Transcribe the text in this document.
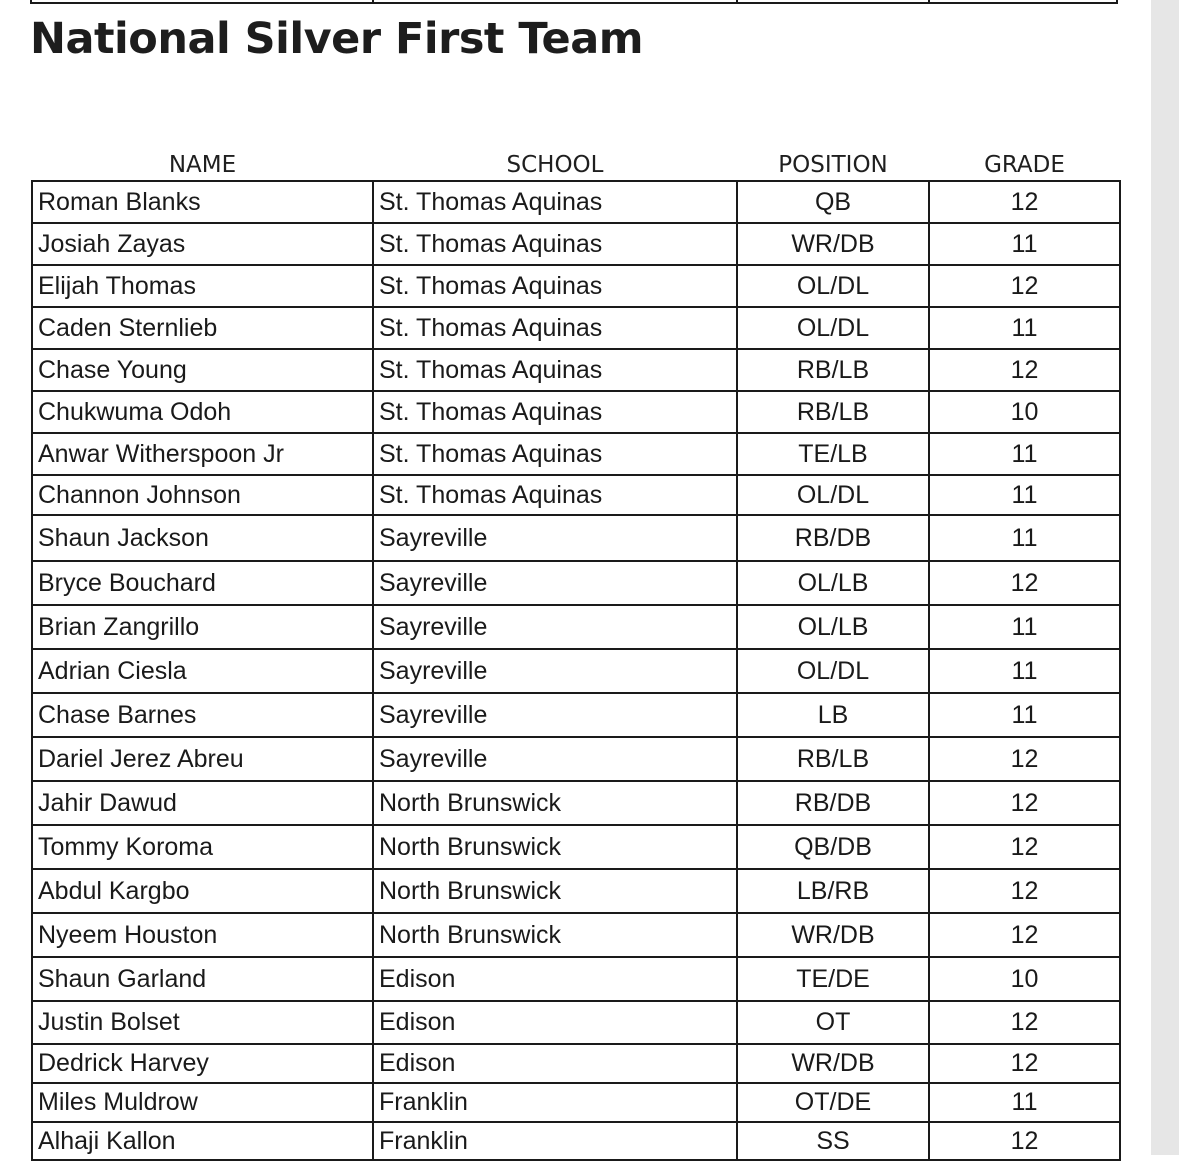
National Silver First Team
NAME	SCHOOL	POSITION	GRADE
Roman Blanks	St. Thomas Aquinas	QB	12
Josiah Zayas	St. Thomas Aquinas	WR/DB	11
Elijah Thomas	St. Thomas Aquinas	OL/DL	12
Caden Sternlieb	St. Thomas Aquinas	OL/DL	11
Chase Young	St. Thomas Aquinas	RB/LB	12
Chukwuma Odoh	St. Thomas Aquinas	RB/LB	10
Anwar Witherspoon Jr	St. Thomas Aquinas	TE/LB	11
Channon Johnson	St. Thomas Aquinas	OL/DL	11
Shaun Jackson	Sayreville	RB/DB	11
Bryce Bouchard	Sayreville	OL/LB	12
Brian Zangrillo	Sayreville	OL/LB	11
Adrian Ciesla	Sayreville	OL/DL	11
Chase Barnes	Sayreville	LB	11
Dariel Jerez Abreu	Sayreville	RB/LB	12
Jahir Dawud	North Brunswick	RB/DB	12
Tommy Koroma	North Brunswick	QB/DB	12
Abdul Kargbo	North Brunswick	LB/RB	12
Nyeem Houston	North Brunswick	WR/DB	12
Shaun Garland	Edison	TE/DE	10
Justin Bolset	Edison	OT	12
Dedrick Harvey	Edison	WR/DB	12
Miles Muldrow	Franklin	OT/DE	11
Alhaji Kallon	Franklin	SS	12
